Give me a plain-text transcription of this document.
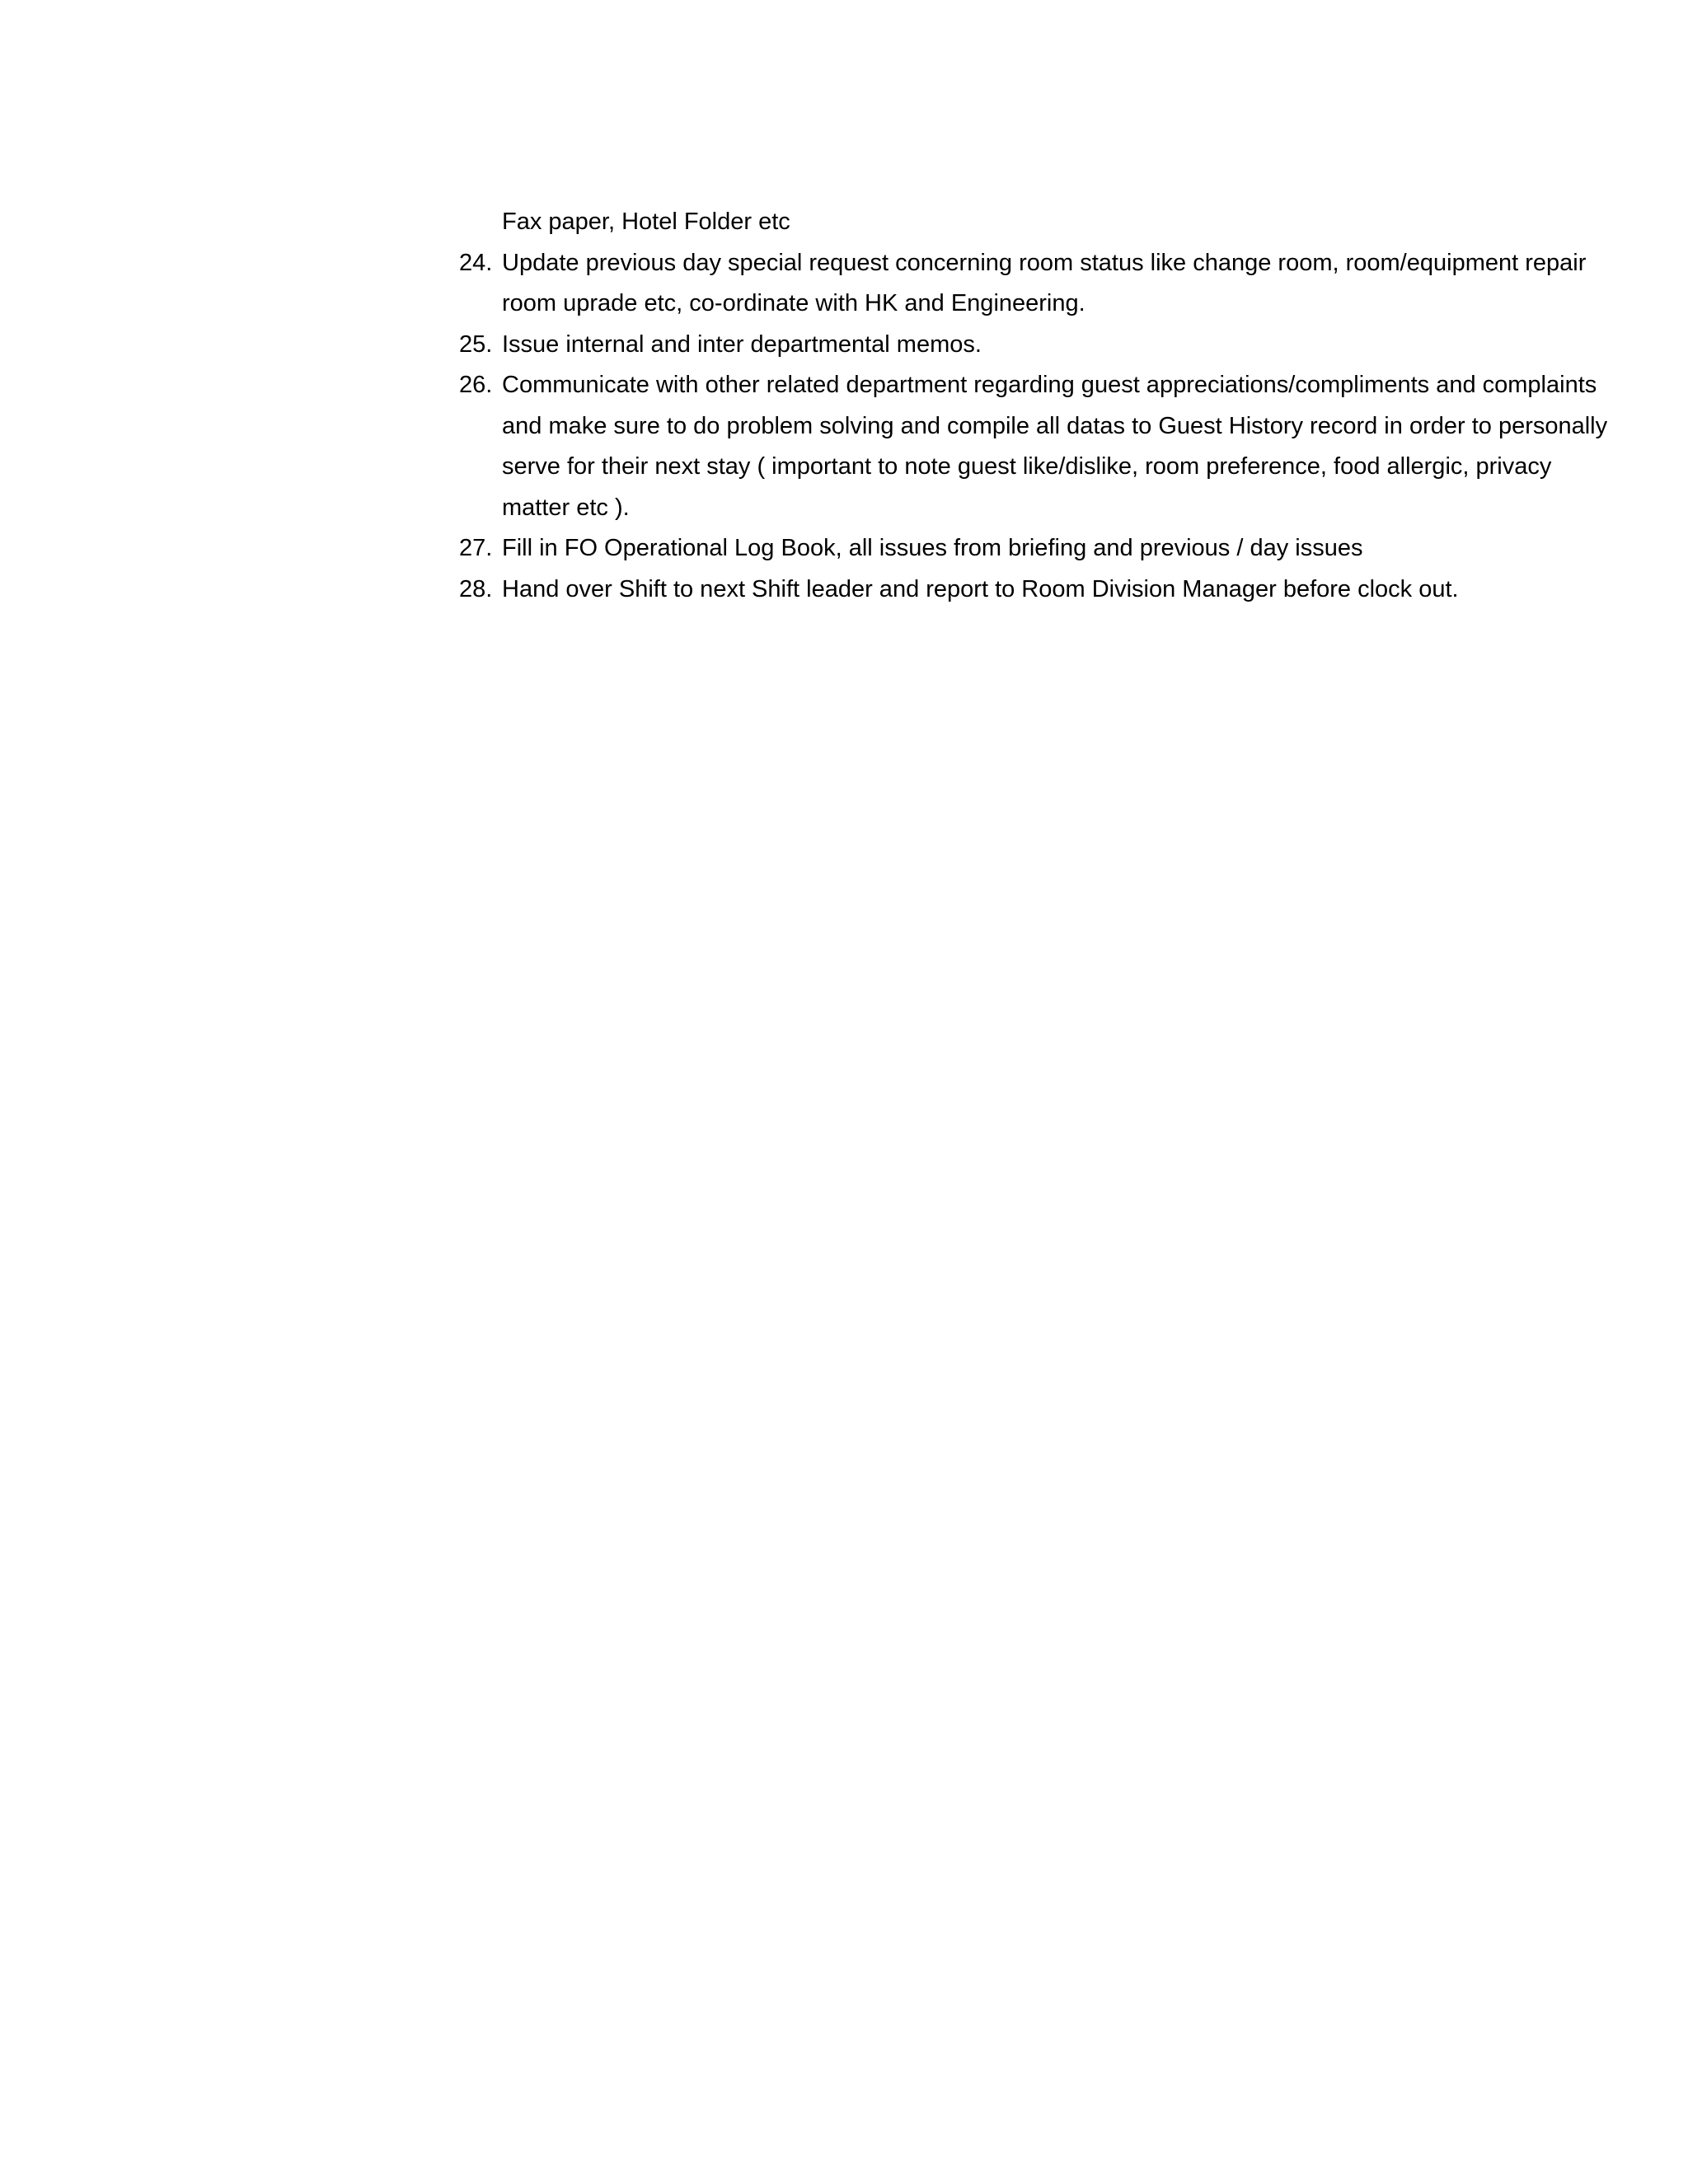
Fax paper, Hotel Folder etc
24. Update previous day special request concerning room status like change room, room/equipment repair
room uprade etc, co-ordinate with HK and Engineering.
25. Issue internal and inter departmental memos.
26. Communicate with other related department regarding guest appreciations/compliments and complaints
and make sure to do problem solving and compile all datas to Guest History record in order to personally
serve for their next stay ( important to note guest like/dislike, room preference, food allergic, privacy
matter etc ).
27. Fill in FO Operational Log Book, all issues from briefing and previous / day issues
28. Hand over Shift to next Shift leader and report to Room Division Manager before clock out.
